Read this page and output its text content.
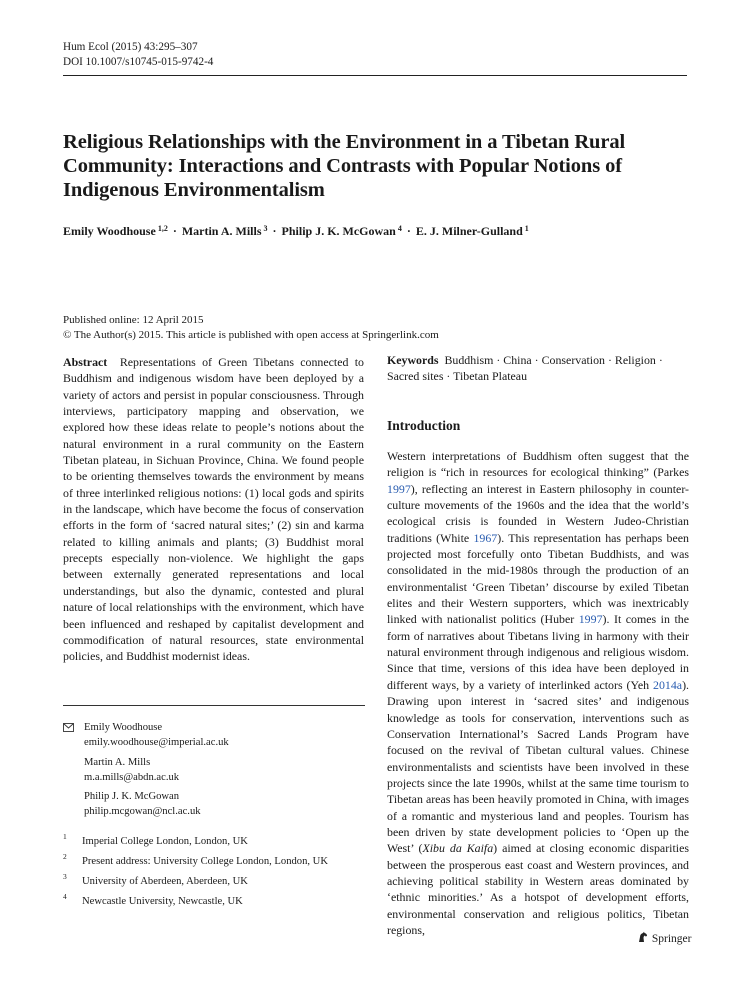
Hum Ecol (2015) 43:295–307
DOI 10.1007/s10745-015-9742-4
Religious Relationships with the Environment in a Tibetan Rural Community: Interactions and Contrasts with Popular Notions of Indigenous Environmentalism
Emily Woodhouse $^{1,2}$ · Martin A. Mills $^3$ · Philip J. K. McGowan $^4$ · E. J. Milner-Gulland $^1$
Published online: 12 April 2015
© The Author(s) 2015. This article is published with open access at Springerlink.com
Abstract Representations of Green Tibetans connected to Buddhism and indigenous wisdom have been deployed by a variety of actors and persist in popular consciousness. Through interviews, participatory mapping and observation, we explored how these ideas relate to people’s notions about the natural environment in a rural community on the Eastern Tibetan plateau, in Sichuan Province, China. We found people to be orienting themselves towards the environment by means of three interlinked religious notions: (1) local gods and spirits in the landscape, which have become the focus of conservation efforts in the form of ‘sacred natural sites;’ (2) sin and karma related to killing animals and plants; (3) Buddhist moral precepts especially non-violence. We highlight the gaps between externally generated representations and local understandings, but also the dynamic, contested and plural nature of local relationships with the environment, which have been influenced and reshaped by capitalist development and commodification of natural resources, state environmental policies, and Buddhist modernist ideas.
Keywords Buddhism · China · Conservation · Religion · Sacred sites · Tibetan Plateau
Introduction
Western interpretations of Buddhism often suggest that the religion is “rich in resources for ecological thinking” (Parkes 1997), reflecting an interest in Eastern philosophy in counter-culture movements of the 1960s and the idea that the world’s ecological crisis is founded in Western Judeo-Christian traditions (White 1967). This representation has perhaps been projected most forcefully onto Tibetan Buddhists, and was consolidated in the mid-1980s through the production of an environmentalist ‘Green Tibetan’ discourse by exiled Tibetan elites and their Western supporters, which was inextricably linked with nationalist politics (Huber 1997). It comes in the form of narratives about Tibetans living in harmony with their natural environment through indigenous and religious wisdom. Since that time, versions of this idea have been deployed in different ways, by a variety of interlinked actors (Yeh 2014a). Drawing upon interest in ‘sacred sites’ and indigenous knowledge as tools for conservation, interventions such as Conservation International’s Sacred Lands Program have focused on the revival of Tibetan cultural values. Chinese environmentalists and scientists have been involved in these projects since the late 1990s, whilst at the same time tourism to Tibetan areas has been heavily promoted in China, with images of a romantic and mysterious land and peoples. Tourism has been driven by state development policies to ‘Open up the West’ (Xibu da Kaifa) aimed at closing economic disparities between the prosperous east coast and Western provinces, and achieving political stability in Western areas dominated by ‘ethnic minorities.’ As a hotspot of development efforts, environmental conservation and religious politics, Tibetan regions,
Emily Woodhouse
emily.woodhouse@imperial.ac.uk
Martin A. Mills
m.a.mills@abdn.ac.uk
Philip J. K. McGowan
philip.mcgowan@ncl.ac.uk
1 Imperial College London, London, UK
2 Present address: University College London, London, UK
3 University of Aberdeen, Aberdeen, UK
4 Newcastle University, Newcastle, UK
Springer
